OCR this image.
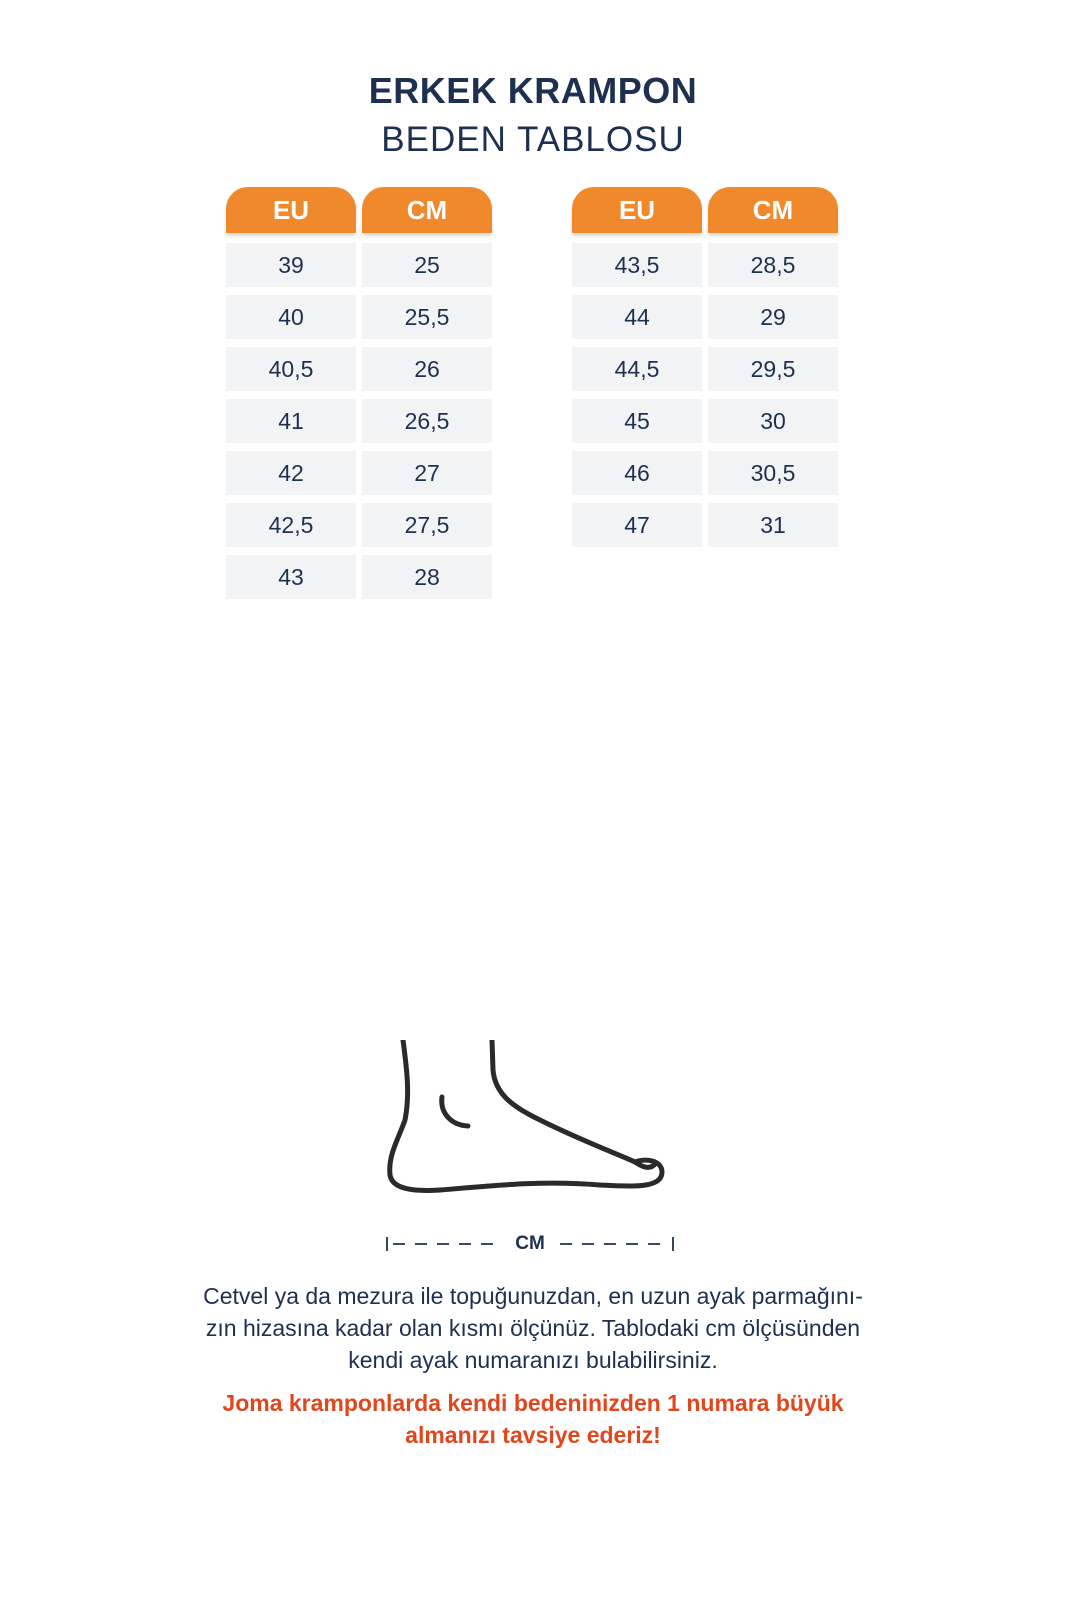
ERKEK KRAMPON
BEDEN TABLOSU
EU	CM
39	25
40	25,5
40,5	26
41	26,5
42	27
42,5	27,5
43	28
EU	CM
43,5	28,5
44	29
44,5	29,5
45	30
46	30,5
47	31
CM
Cetvel ya da mezura ile topuğunuzdan, en uzun ayak parmağını-
zın hizasına kadar olan kısmı ölçünüz. Tablodaki cm ölçüsünden
kendi ayak numaranızı bulabilirsiniz.
Joma kramponlarda kendi bedeninizden 1 numara büyük
almanızı tavsiye ederiz!
